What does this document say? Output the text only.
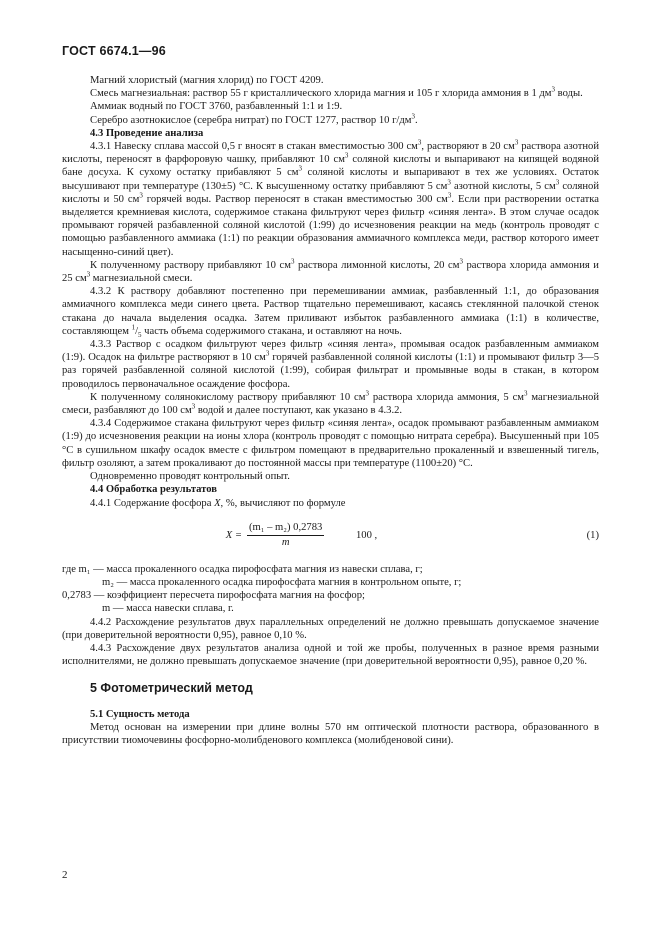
ГОСТ 6674.1—96

Магний хлористый (магния хлорид) по ГОСТ 4209.

Смесь магнезиальная: раствор 55 г кристаллического хлорида магния и 105 г хлорида аммония в 1 $дм^3$ воды.

Аммиак водный по ГОСТ 3760, разбавленный 1:1 и 1:9.

Серебро азотнокислое (серебра нитрат) по ГОСТ 1277, раствор 10 $г/дм^3$.

4.3 Проведение анализа

4.3.1 Навеску сплава массой 0,5 г вносят в стакан вместимостью 300 $см^3$, растворяют в 20 $см^3$ раствора азотной кислоты, переносят в фарфоровую чашку, прибавляют 10 $см^3$ соляной кислоты и выпаривают на кипящей водяной бане досуха. К сухому остатку прибавляют 5 $см^3$ соляной кислоты и выпаривают в тех же условиях. Остаток высушивают при температуре (130±5) °С. К высушенному остатку прибавляют 5 $см^3$ азотной кислоты, 5 $см^3$ соляной кислоты и 50 $см^3$ горячей воды. Раствор переносят в стакан вместимостью 300 $см^3$. Если при растворении остатка выделяется кремниевая кислота, содержимое стакана фильтруют через фильтр «синяя лента». В этом случае осадок промывают горячей разбавленной соляной кислотой (1:99) до исчезновения реакции на медь (контроль проводят с помощью разбавленного аммиака (1:1) по реакции образования аммиачного комплекса меди, раствор которого имеет насыщенно-синий цвет).

К полученному раствору прибавляют 10 $см^3$ раствора лимонной кислоты, 20 $см^3$ раствора хлорида аммония и 25 $см^3$ магнезиальной смеси.

4.3.2 К раствору добавляют постепенно при перемешивании аммиак, разбавленный 1:1, до образования аммиачного комплекса меди синего цвета. Раствор тщательно перемешивают, касаясь стеклянной палочкой стенок стакана до начала выделения осадка. Затем приливают избыток разбавленного аммиака (1:1) в количестве, составляющем $^1/_5$ часть объема содержимого стакана, и оставляют на ночь.

4.3.3 Раствор с осадком фильтруют через фильтр «синяя лента», промывая осадок разбавленным аммиаком (1:9). Осадок на фильтре растворяют в 10 $см^3$ горячей разбавленной соляной кислоты (1:1) и промывают фильтр 3—5 раз горячей разбавленной соляной кислотой (1:99), собирая фильтрат и промывные воды в стакан, в котором проводилось первоначальное осаждение фосфора.

К полученному солянокислому раствору прибавляют 10 $см^3$ раствора хлорида аммония, 5 $см^3$ магнезиальной смеси, разбавляют до 100 $см^3$ водой и далее поступают, как указано в 4.3.2.

4.3.4 Содержимое стакана фильтруют через фильтр «синяя лента», осадок промывают разбавленным аммиаком (1:9) до исчезновения реакции на ионы хлора (контроль проводят с помощью нитрата серебра). Высушенный при 105 °С в сушильном шкафу осадок вместе с фильтром помещают в предварительно прокаленный и взвешенный тигель, фильтр озоляют, а затем прокаливают до постоянной массы при температуре (1100±20) °С.

Одновременно проводят контрольный опыт.

4.4 Обработка результатов

4.4.1 Содержание фосфора X, %, вычисляют по формуле

$X = \frac{\text{(m₁ – m₂) 0,2783}}{m}$	100 ,	(1)

где m₁ — масса прокаленного осадка пирофосфата магния из навески сплава, г;

m₂ — масса прокаленного осадка пирофосфата магния в контрольном опыте, г;

0,2783 — коэффициент пересчета пирофосфата магния на фосфор;

m — масса навески сплава, г.

4.4.2 Расхождение результатов двух параллельных определений не должно превышать допускаемое значение (при доверительной вероятности 0,95), равное 0,10 %.

4.4.3 Расхождение двух результатов анализа одной и той же пробы, полученных в разное время разными исполнителями, не должно превышать допускаемое значение (при доверительной вероятности 0,95), равное 0,20 %.

5 Фотометрический метод

5.1 Сущность метода

Метод основан на измерении при длине волны 570 нм оптической плотности раствора, образованного в присутствии тиомочевины фосфорно-молибденового комплекса (молибденовой сини).

2
